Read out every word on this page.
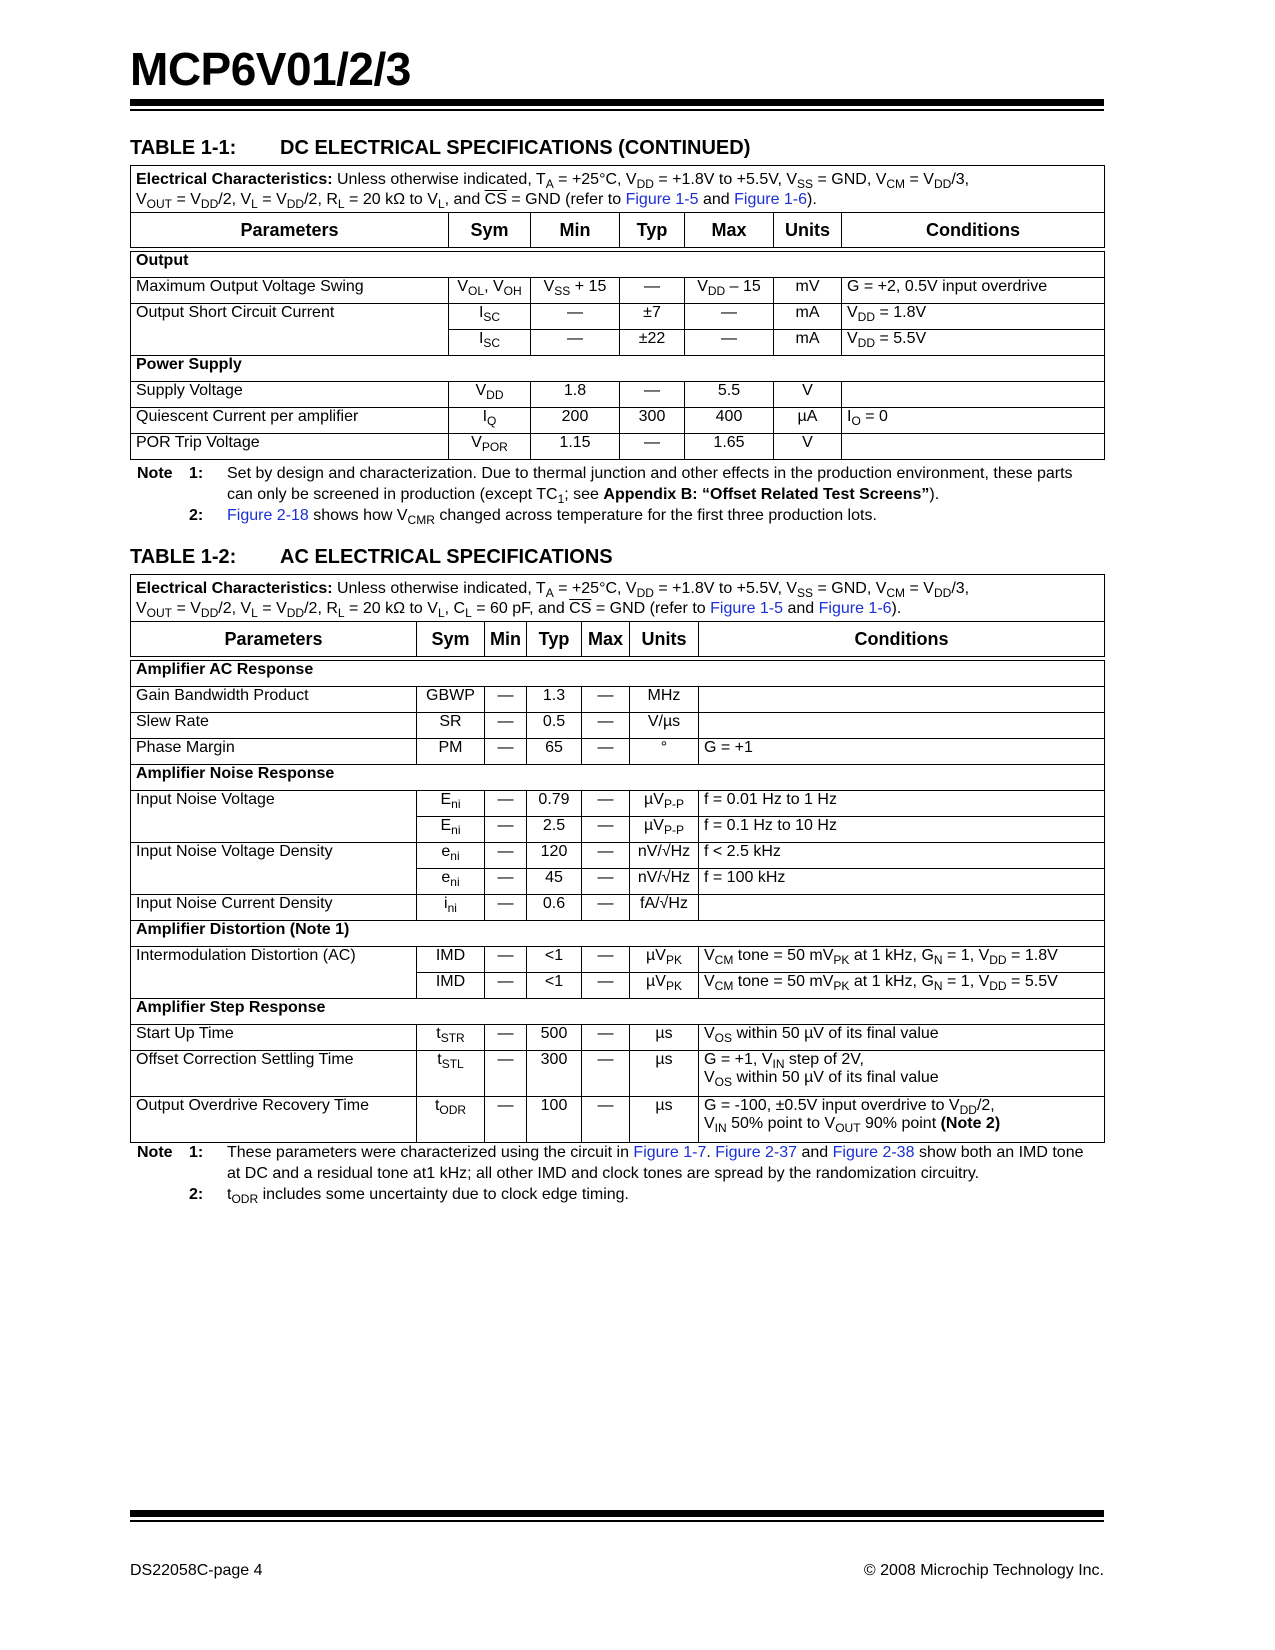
MCP6V01/2/3
TABLE 1-1: DC ELECTRICAL SPECIFICATIONS (CONTINUED)
Electrical Characteristics: Unless otherwise indicated, $T_A = +25^\circ C$, $V_{DD} = +1.8V$ to +5.5V, $V_{SS}$ = GND, $V_{CM} = V_{DD}/3$,
$V_{OUT} = V_{DD}/2$, $V_L = V_{DD}/2$, $R_L = 20$ kΩ to $V_L$, and $\overline{CS}$ = GND (refer to Figure 1-5 and Figure 1-6).						
Parameters	Sym	Min	Typ	Max	Units	Conditions

Output						
Maximum Output Voltage Swing	$V_{OL}$, $V_{OH}$	$V_{SS} + 15$	—	$V_{DD} - 15$	mV	G = +2, 0.5V input overdrive
Output Short Circuit Current	$I_{SC}$	—	±7	—	mA	$V_{DD} = 1.8V$
	$I_{SC}$	—	±22	—	mA	$V_{DD} = 5.5V$
Power Supply						
Supply Voltage	$V_{DD}$	1.8	—	5.5	V	
Quiescent Current per amplifier	$I_Q$	200	300	400	µA	$I_O = 0$
POR Trip Voltage	$V_{POR}$	1.15	—	1.65	V	
Note 1: Set by design and characterization. Due to thermal junction and other effects in the production environment, these parts can only be screened in production (except $TC_1$; see Appendix B: “Offset Related Test Screens”).
2: Figure 2-18 shows how $V_{CMR}$ changed across temperature for the first three production lots.
TABLE 1-2: AC ELECTRICAL SPECIFICATIONS
Electrical Characteristics: Unless otherwise indicated, $T_A = +25^\circ C$, $V_{DD} = +1.8V$ to +5.5V, $V_{SS}$ = GND, $V_{CM} = V_{DD}/3$,
$V_{OUT} = V_{DD}/2$, $V_L = V_{DD}/2$, $R_L = 20$ kΩ to $V_L$, $C_L = 60$ pF, and $\overline{CS}$ = GND (refer to Figure 1-5 and Figure 1-6).						
Parameters	Sym	Min	Typ	Max	Units	Conditions

Amplifier AC Response						
Gain Bandwidth Product	GBWP	—	1.3	—	MHz	
Slew Rate	SR	—	0.5	—	V/µs	
Phase Margin	PM	—	65	—	°	G = +1
Amplifier Noise Response						
Input Noise Voltage	$E_{ni}$	—	0.79	—	µV$_{P-P}$	f = 0.01 Hz to 1 Hz
	$E_{ni}$	—	2.5	—	µV$_{P-P}$	f = 0.1 Hz to 10 Hz
Input Noise Voltage Density	$e_{ni}$	—	120	—	nV/√Hz	f < 2.5 kHz
	$e_{ni}$	—	45	—	nV/√Hz	f = 100 kHz
Input Noise Current Density	$i_{ni}$	—	0.6	—	fA/√Hz	
Amplifier Distortion (Note 1)						
Intermodulation Distortion (AC)	IMD	—	<1	—	µV$_{PK}$	$V_{CM}$ tone = 50 $mV_{PK}$ at 1 kHz, $G_N = 1$, $V_{DD} = 1.8V$
	IMD	—	<1	—	µV$_{PK}$	$V_{CM}$ tone = 50 $mV_{PK}$ at 1 kHz, $G_N = 1$, $V_{DD} = 5.5V$
Amplifier Step Response						
Start Up Time	$t_{STR}$	—	500	—	µs	$V_{OS}$ within 50 µV of its final value
Offset Correction Settling Time	$t_{STL}$	—	300	—	µs	G = +1, $V_{IN}$ step of 2V,
$V_{OS}$ within 50 µV of its final value
Output Overdrive Recovery Time	$t_{ODR}$	—	100	—	µs	G = -100, ±0.5V input overdrive to $V_{DD}/2$,
$V_{IN}$ 50% point to $V_{OUT}$ 90% point (Note 2)
Note 1: These parameters were characterized using the circuit in Figure 1-7. Figure 2-37 and Figure 2-38 show both an IMD tone at DC and a residual tone at1 kHz; all other IMD and clock tones are spread by the randomization circuitry.
2: $t_{ODR}$ includes some uncertainty due to clock edge timing.
DS22058C-page 4	© 2008 Microchip Technology Inc.
